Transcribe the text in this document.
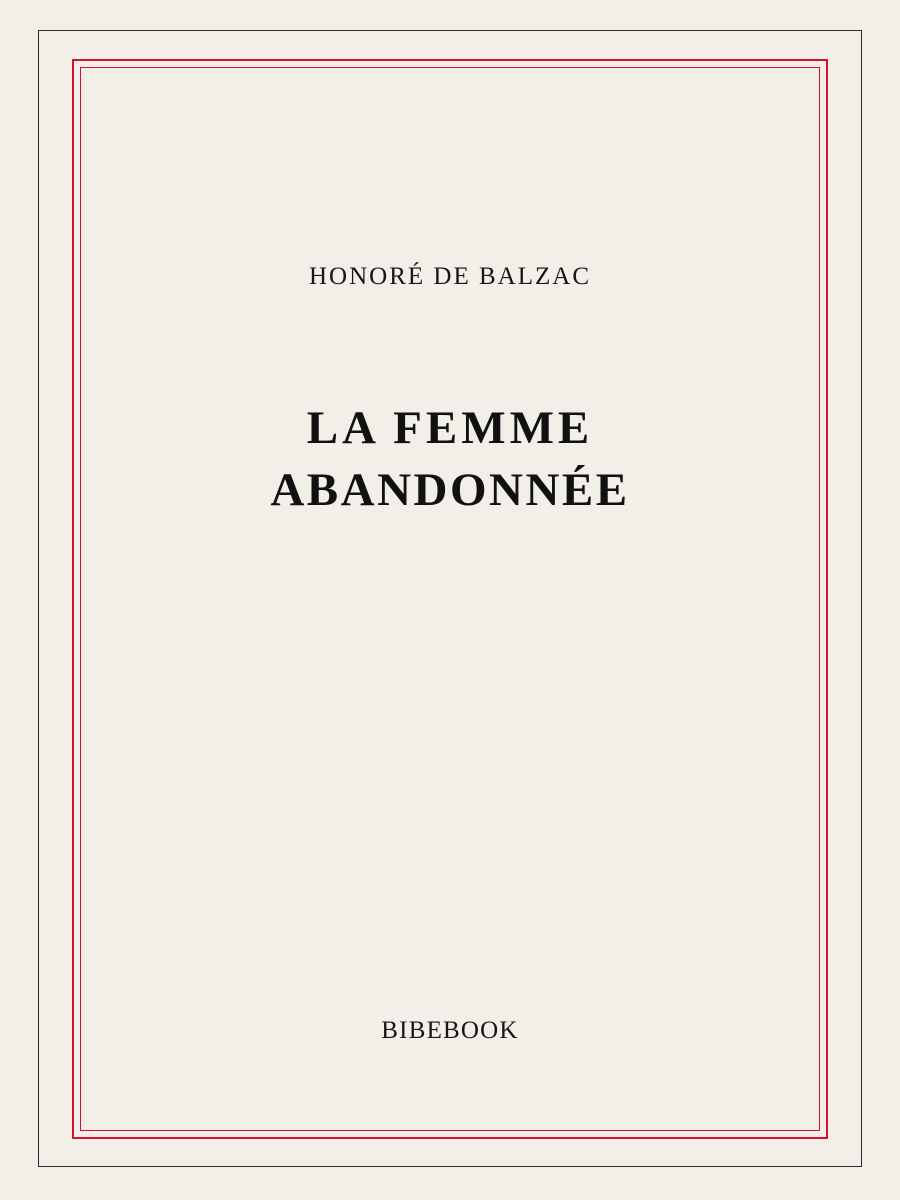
HONORÉ DE BALZAC
LA FEMME
ABANDONNÉE
BIBEBOOK
